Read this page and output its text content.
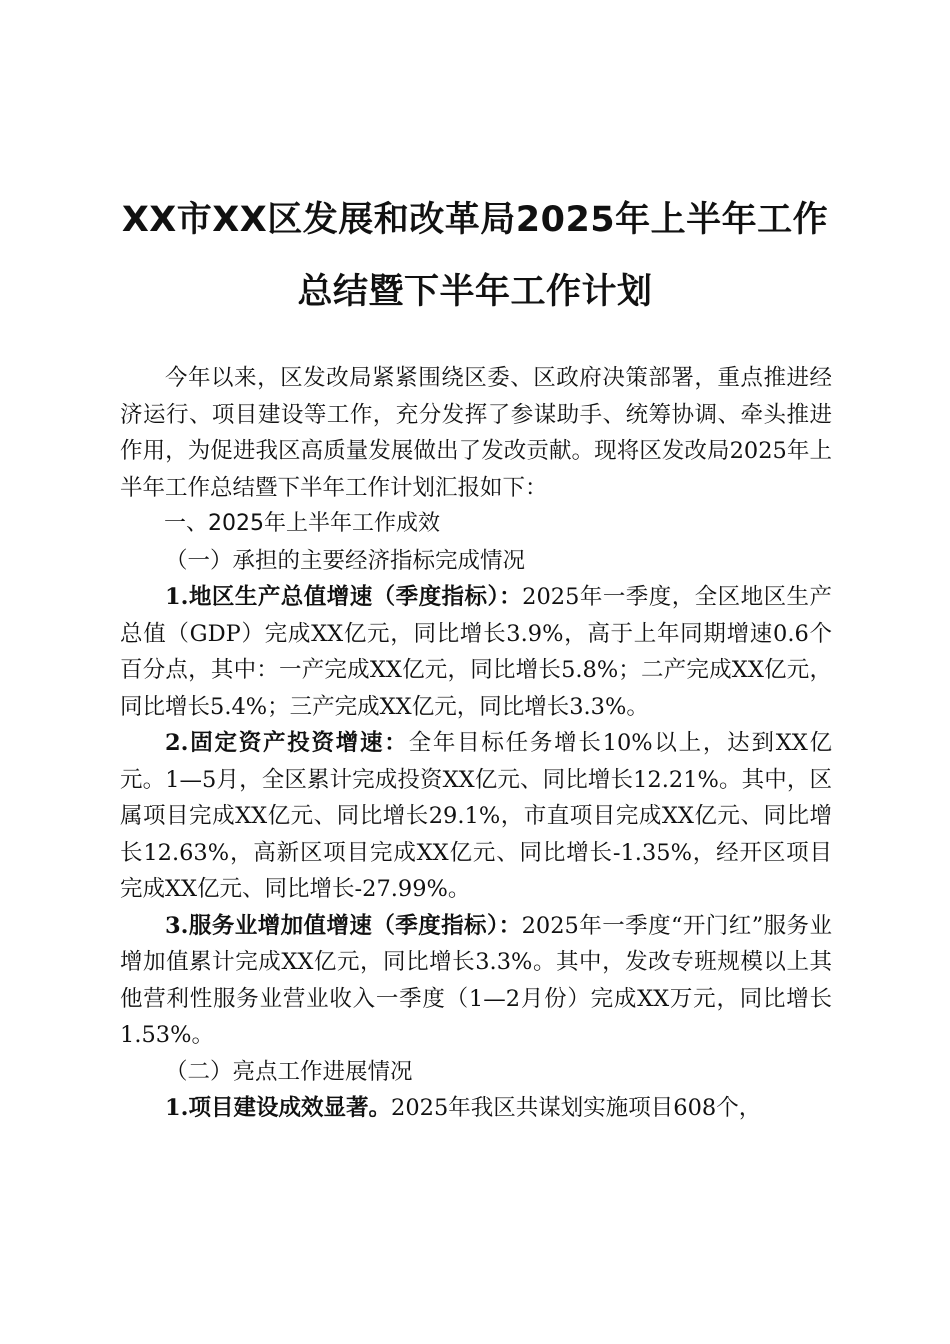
XX市XX区发展和改革局2025年上半年工作
总结暨下半年工作计划

今年以来，区发改局紧紧围绕区委、区政府决策部署，重点推进经济运行、项目建设等工作，充分发挥了参谋助手、统筹协调、牵头推进作用，为促进我区高质量发展做出了发改贡献。现将区发改局2025年上半年工作总结暨下半年工作计划汇报如下：

一、2025年上半年工作成效

（一）承担的主要经济指标完成情况

1.地区生产总值增速（季度指标）：2025年一季度，全区地区生产总值（GDP）完成XX亿元，同比增长3.9%，高于上年同期增速0.6个百分点，其中：一产完成XX亿元，同比增长5.8%；二产完成XX亿元，同比增长5.4%；三产完成XX亿元，同比增长3.3%。

2.固定资产投资增速：全年目标任务增长10%以上，达到XX亿元。1—5月，全区累计完成投资XX亿元、同比增长12.21%。其中，区属项目完成XX亿元、同比增长29.1%，市直项目完成XX亿元、同比增长12.63%，高新区项目完成XX亿元、同比增长-1.35%，经开区项目完成XX亿元、同比增长-27.99%。

3.服务业增加值增速（季度指标）：2025年一季度“开门红”服务业增加值累计完成XX亿元，同比增长3.3%。其中，发改专班规模以上其他营利性服务业营业收入一季度（1—2月份）完成XX万元，同比增长1.53%。

（二）亮点工作进展情况

1.项目建设成效显著。2025年我区共谋划实施项目608个，
